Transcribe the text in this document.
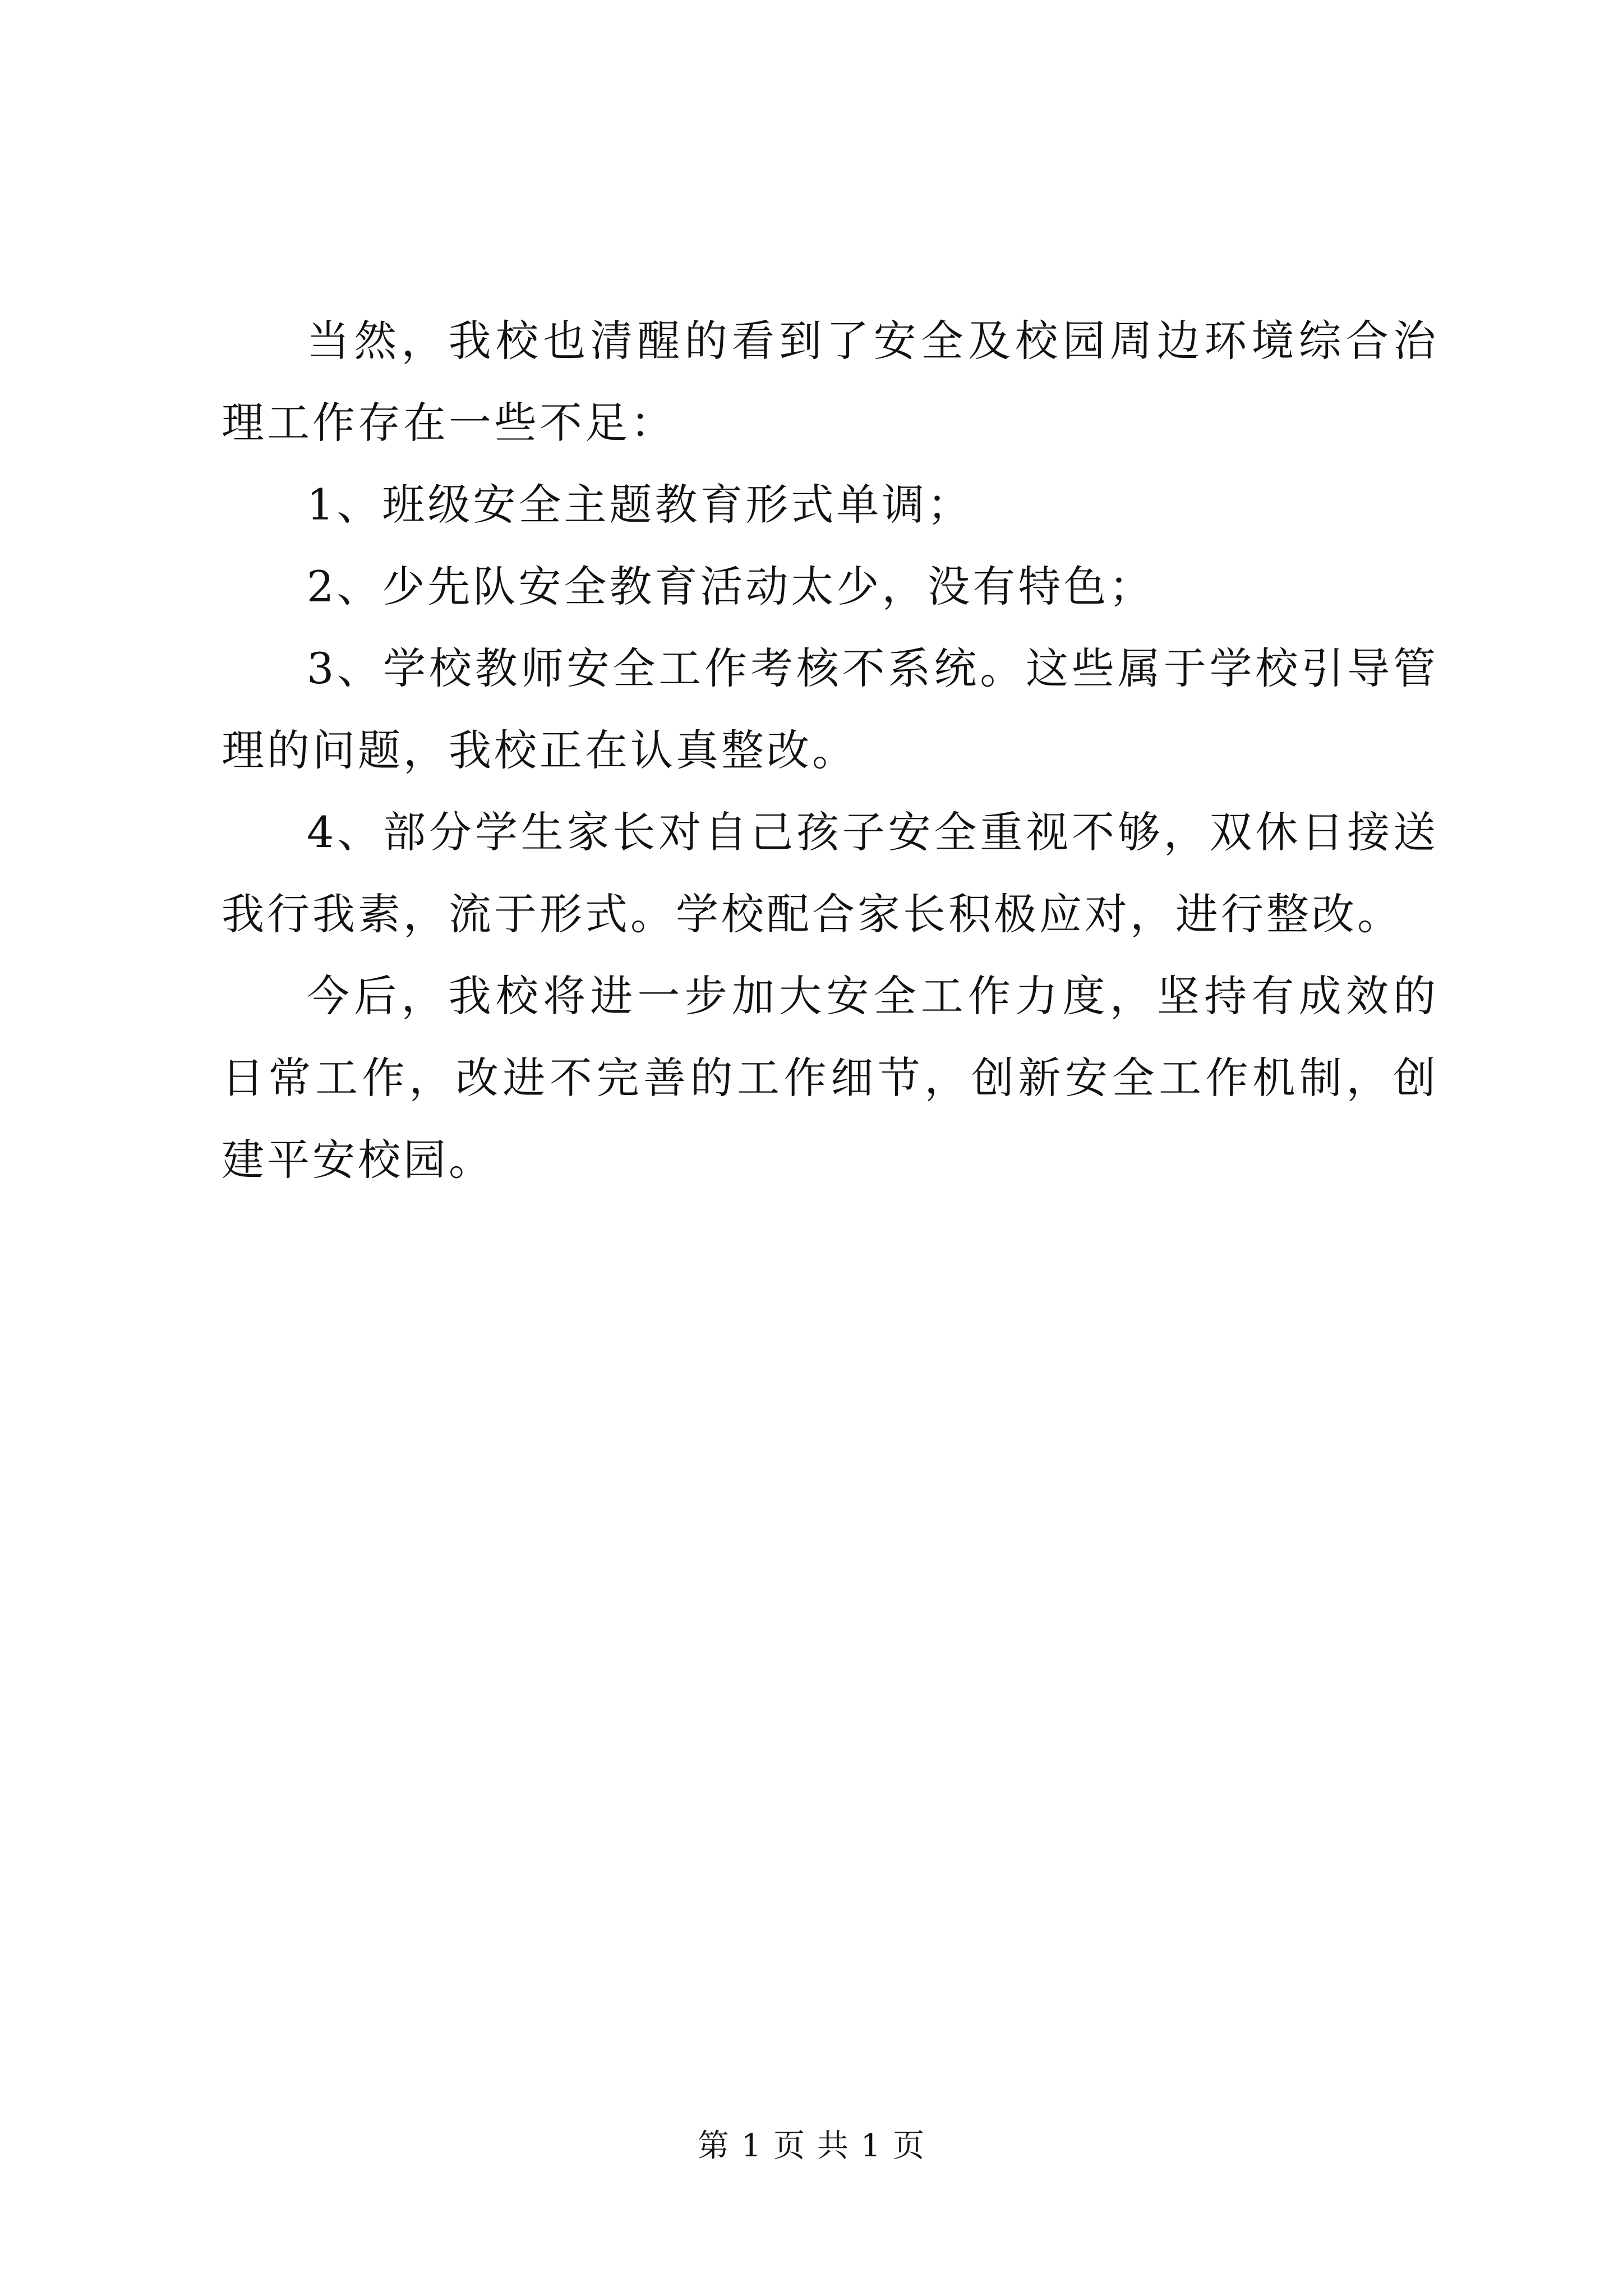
当然，我校也清醒的看到了安全及校园周边环境综合治理工作存在一些不足：

1、班级安全主题教育形式单调；

2、少先队安全教育活动太少，没有特色；

3、学校教师安全工作考核不系统。这些属于学校引导管理的问题，我校正在认真整改。

4、部分学生家长对自己孩子安全重视不够，双休日接送我行我素，流于形式。学校配合家长积极应对，进行整改。

今后，我校将进一步加大安全工作力度，坚持有成效的日常工作，改进不完善的工作细节，创新安全工作机制，创建平安校园。

第 1 页 共 1 页
